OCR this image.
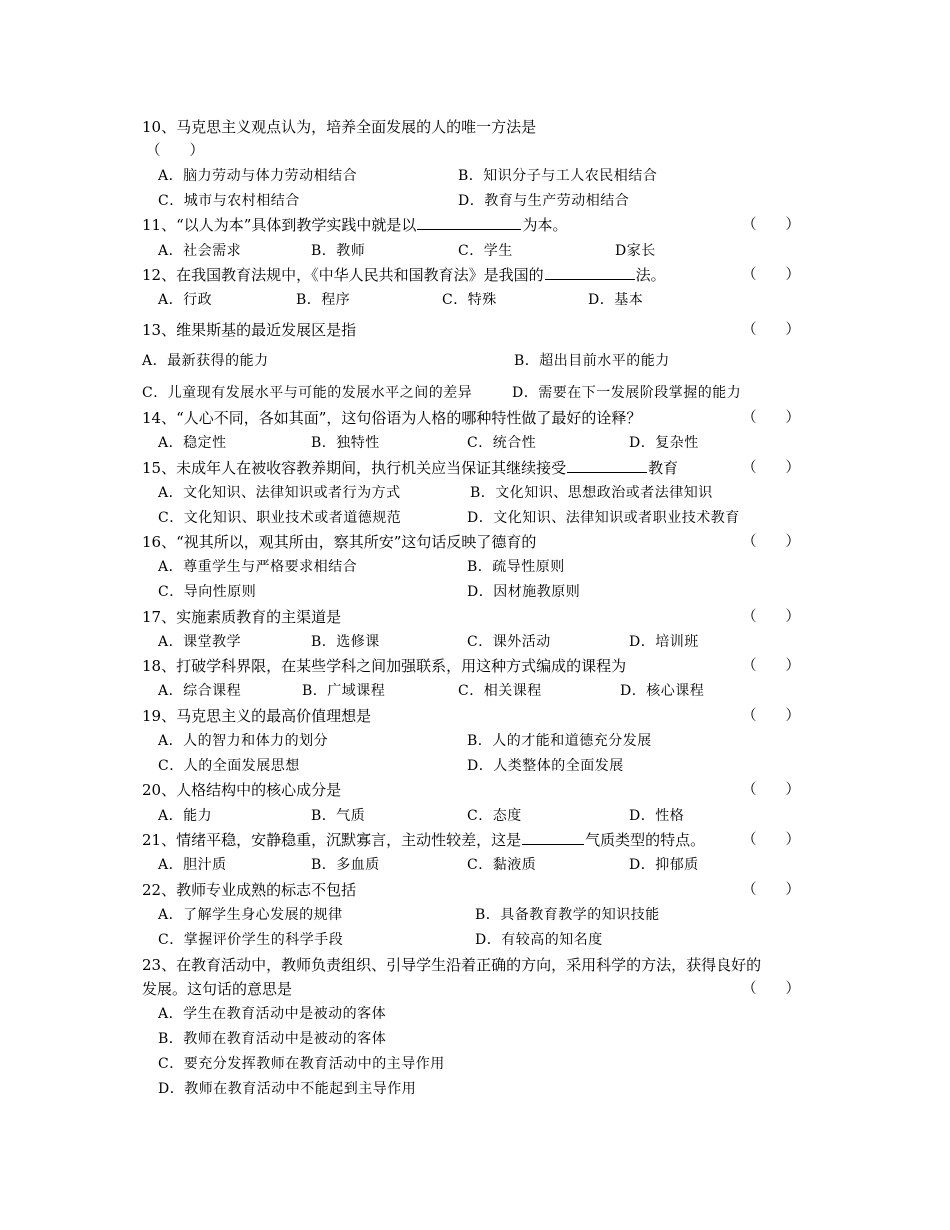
10、马克思主义观点认为，培养全面发展的人的唯一方法是
（　　）
A．脑力劳动与体力劳动相结合	B．知识分子与工人农民相结合
C．城市与农村相结合	D．教育与生产劳动相结合
11、“以人为本”具体到教学实践中就是以	为本。	（　　）
A．社会需求	B．教师	C．学生	D家长
12、在我国教育法规中，《中华人民共和国教育法》是我国的	法。	（　　）
A．行政	B．程序	C．特殊	D．基本
13、维果斯基的最近发展区是指	（　　）
A．最新获得的能力	B．超出目前水平的能力
C．儿童现有发展水平与可能的发展水平之间的差异	D．需要在下一发展阶段掌握的能力
14、“人心不同，各如其面”，这句俗语为人格的哪种特性做了最好的诠释？	（　　）
A．稳定性	B．独特性	C．统合性	D．复杂性
15、未成年人在被收容教养期间，执行机关应当保证其继续接受	教育	（　　）
A．文化知识、法律知识或者行为方式	B．文化知识、思想政治或者法律知识
C．文化知识、职业技术或者道德规范	D．文化知识、法律知识或者职业技术教育
16、“视其所以，观其所由，察其所安”这句话反映了德育的	（　　）
A．尊重学生与严格要求相结合	B．疏导性原则
C．导向性原则	D．因材施教原则
17、实施素质教育的主渠道是	（　　）
A．课堂教学	B．选修课	C．课外活动	D．培训班
18、打破学科界限，在某些学科之间加强联系，用这种方式编成的课程为	（　　）
A．综合课程	B．广域课程	C．相关课程	D．核心课程
19、马克思主义的最高价值理想是	（　　）
A．人的智力和体力的划分	B．人的才能和道德充分发展
C．人的全面发展思想	D．人类整体的全面发展
20、人格结构中的核心成分是	（　　）
A．能力	B．气质	C．态度	D．性格
21、情绪平稳，安静稳重，沉默寡言，主动性较差，这是	气质类型的特点。	（　　）
A．胆汁质	B．多血质	C．黏液质	D．抑郁质
22、教师专业成熟的标志不包括	（　　）
A．了解学生身心发展的规律	B．具备教育教学的知识技能
C．掌握评价学生的科学手段	D．有较高的知名度
23、在教育活动中，教师负责组织、引导学生沿着正确的方向，采用科学的方法，获得良好的
发展。这句话的意思是	（　　）
A．学生在教育活动中是被动的客体
B．教师在教育活动中是被动的客体
C．要充分发挥教师在教育活动中的主导作用
D．教师在教育活动中不能起到主导作用
